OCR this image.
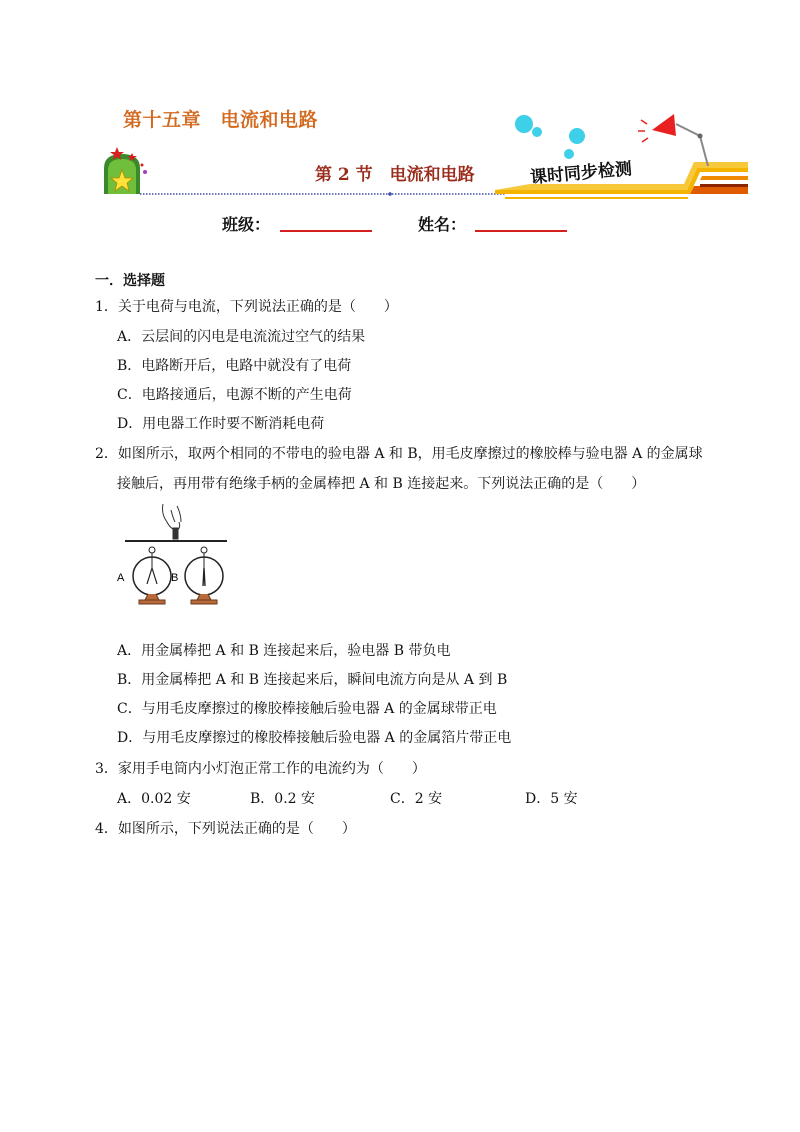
第十五章　电流和电路
第 2 节　电流和电路	课时同步检测
班级：	姓名：
一．选择题
1．关于电荷与电流，下列说法正确的是（　　）
A．云层间的闪电是电流流过空气的结果
B．电路断开后，电路中就没有了电荷
C．电路接通后，电源不断的产生电荷
D．用电器工作时要不断消耗电荷
2．如图所示，取两个相同的不带电的验电器 A 和 B，用毛皮摩擦过的橡胶棒与验电器 A 的金属球
接触后，再用带有绝缘手柄的金属棒把 A 和 B 连接起来。下列说法正确的是（　　）
A	B
A．用金属棒把 A 和 B 连接起来后，验电器 B 带负电
B．用金属棒把 A 和 B 连接起来后，瞬间电流方向是从 A 到 B
C．与用毛皮摩擦过的橡胶棒接触后验电器 A 的金属球带正电
D．与用毛皮摩擦过的橡胶棒接触后验电器 A 的金属箔片带正电
3．家用手电筒内小灯泡正常工作的电流约为（　　）
A．0.02 安	B．0.2 安	C．2 安	D．5 安
4．如图所示，下列说法正确的是（　　）
